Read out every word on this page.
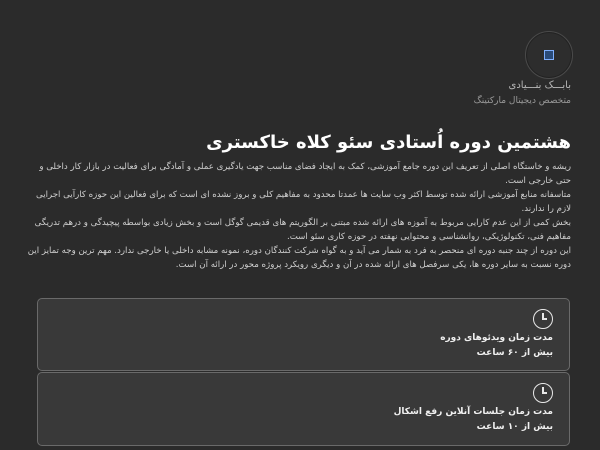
بابـــک بنـــیادی
متخصص دیجیتال مارکتینگ
هشتمین دوره اُستادی سئو کلاه خاکستری

ریشه و خاستگاه اصلی از تعریف این دوره جامع آموزشی، کمک به ایجاد فضای مناسب جهت یادگیری عملی و آمادگی برای فعالیت در بازار کار داخلی و حتی خارجی است.

متاسفانه منابع آموزشی ارائه شده توسط اکثر وب سایت ها عمدتا محدود به مفاهیم کلی و بروز نشده ای است که برای فعالین این حوزه کارآیی اجرایی لازم را ندارند.

بخش کمی از این عدم کارایی مربوط به آموزه های ارائه شده مبتنی بر الگوریتم های قدیمی گوگل است و بخش زیادی بواسطه پیچیدگی و درهم تدریگی مفاهیم فنی، تکنولوژیکی، روانشناسی و محتوایی نهفته در حوزه کاری سئو است.

این دوره از چند جنبه دوره ای منحصر به فرد به شمار می آید و به گواه شرکت کنندگان دوره، نمونه مشابه داخلی یا خارجی ندارد. مهم ترین وجه تمایز این دوره نسبت به سایر دوره ها، یکی سرفصل های ارائه شده در آن و دیگری رویکرد پروژه محور در ارائه آن است.

مدت زمان ویدئوهای دوره
بیش از ۶۰ ساعت
مدت زمان جلسات آنلاین رفع اشکال
بیش از ۱۰ ساعت
